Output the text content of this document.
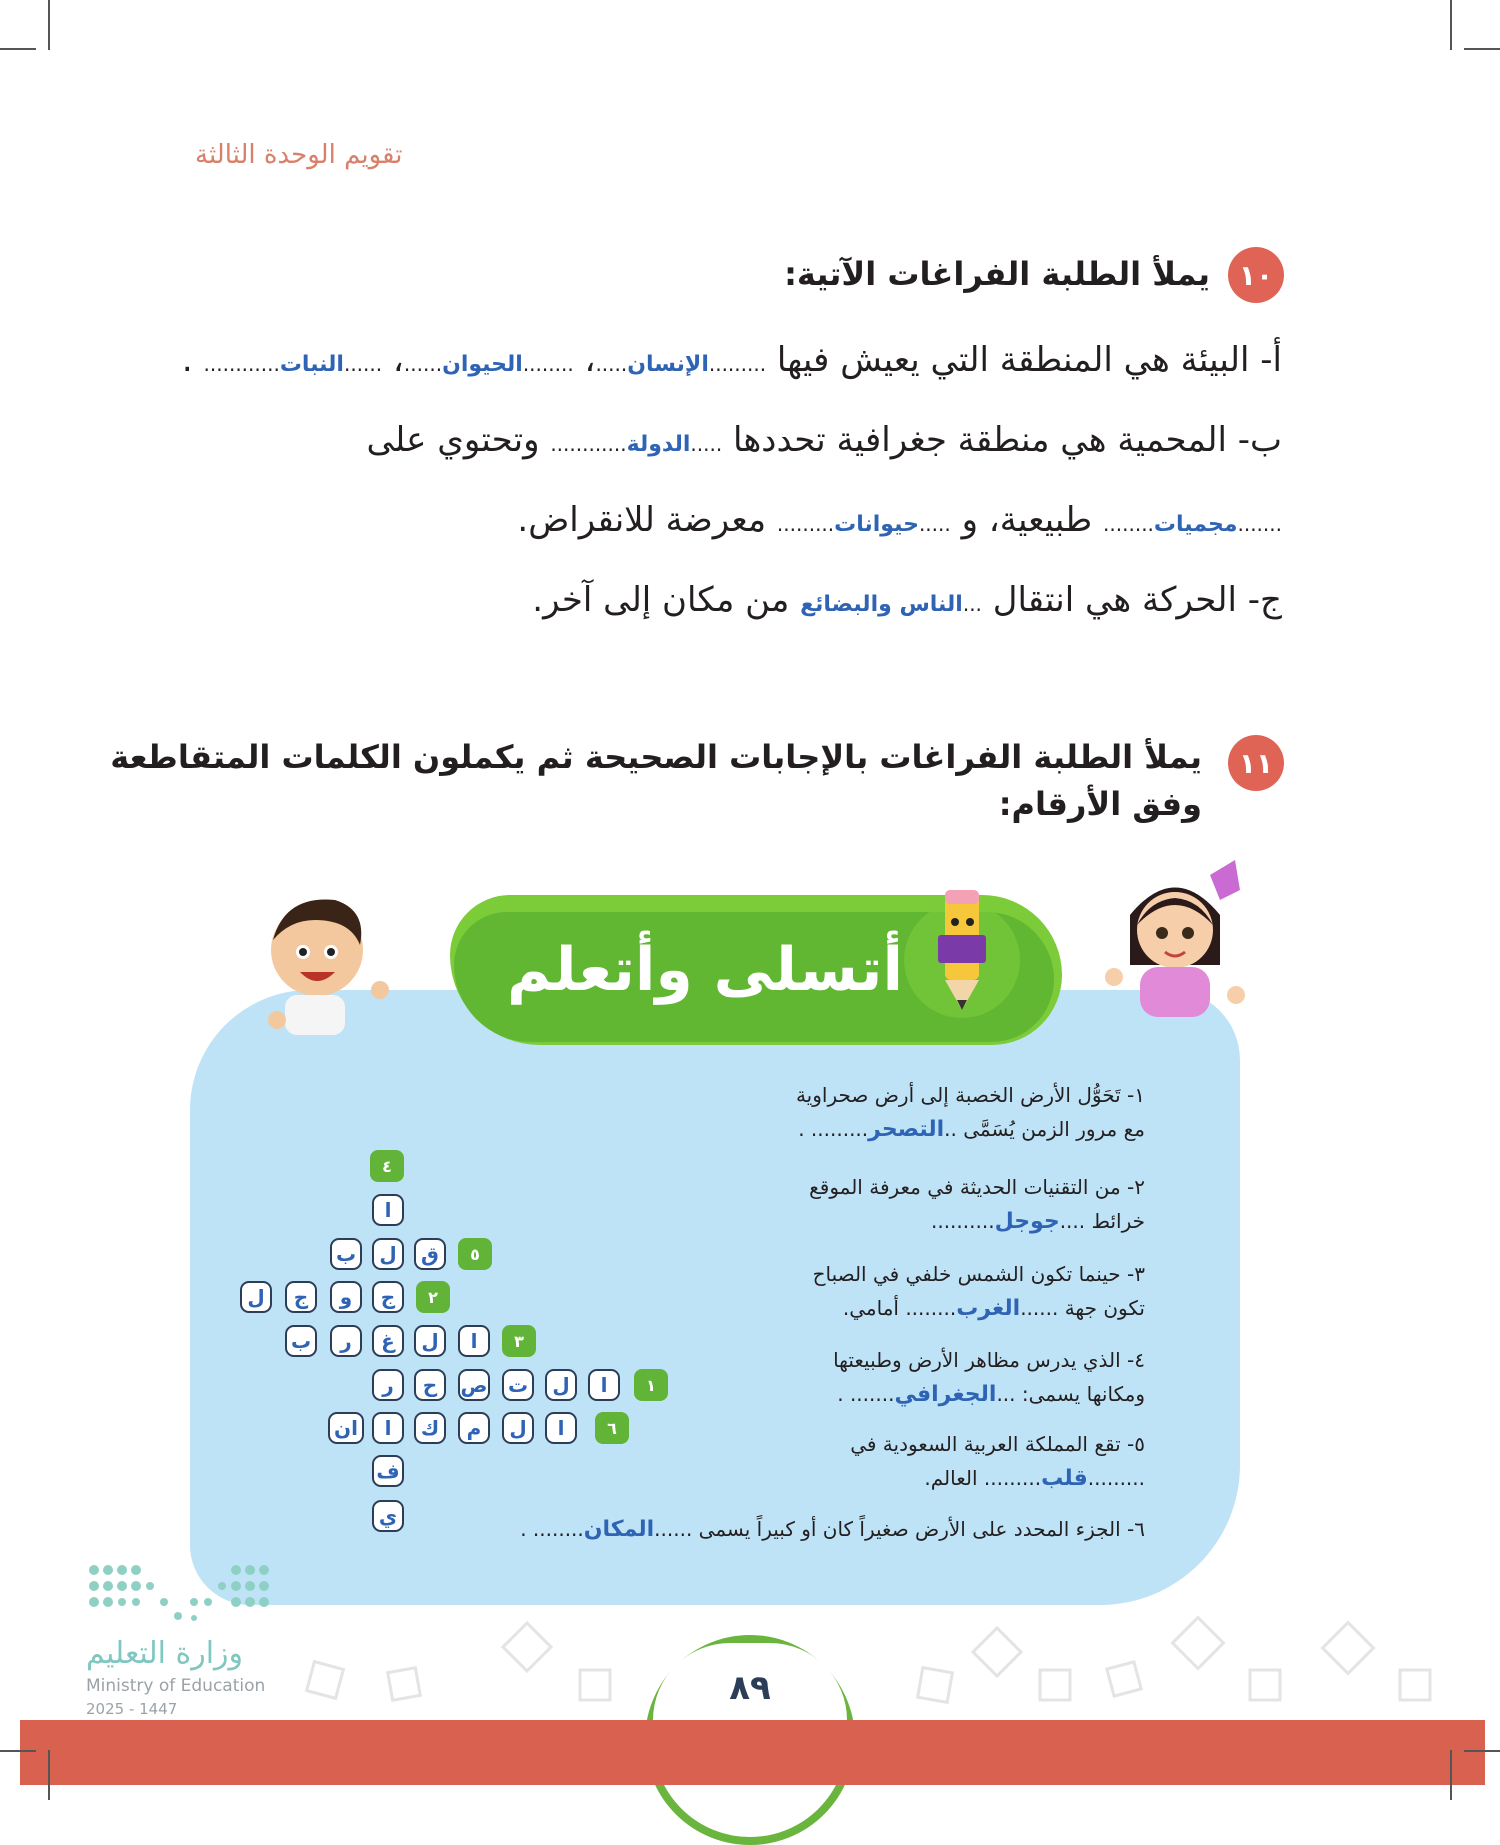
تقويم الوحدة الثالثة
١٠
يملأ الطلبة الفراغات الآتية:
أ- البيئة هي المنطقة التي يعيش فيها .........الإنسان.....، ........الحيوان......، ......النبات............ .
ب- المحمية هي منطقة جغرافية تحددها .....الدولة............ وتحتوي على
.......مجميات........ طبيعية، و .....حيوانات......... معرضة للانقراض.
ج- الحركة هي انتقال ...الناس والبضائع من مكان إلى آخر.
١١
يملأ الطلبة الفراغات بالإجابات الصحيحة ثم يكملون الكلمات المتقاطعة
وفق الأرقام:
أتسلى وأتعلم
١- تَحَوُّل الأرض الخصبة إلى أرض صحراوية
مع مرور الزمن يُسَمَّى ..التصحر......... .
٢- من التقنيات الحديثة في معرفة الموقع
خرائط ....جوجل..........
٣- حينما تكون الشمس خلفي في الصباح
تكون جهة ......الغرب........ أمامي.
٤- الذي يدرس مظاهر الأرض وطبيعتها
ومكانها يسمى: ...الجغرافي....... .
٥- تقع المملكة العربية السعودية في
.........قلب......... العالم.
٦- الجزء المحدد على الأرض صغيراً كان أو كبيراً يسمى ......المكان........ .
٤
ا
٥
ق
ل
ب
٢
ج
و
ج
ل
٣
ا
ل
غ
ر
ب
١
ا
ل
ت
ص
ح
ر
٦
ا
ل
م
ك
ا
ان
ف
ي
وزارة التعليم
Ministry of Education
2025 - 1447
٨٩
